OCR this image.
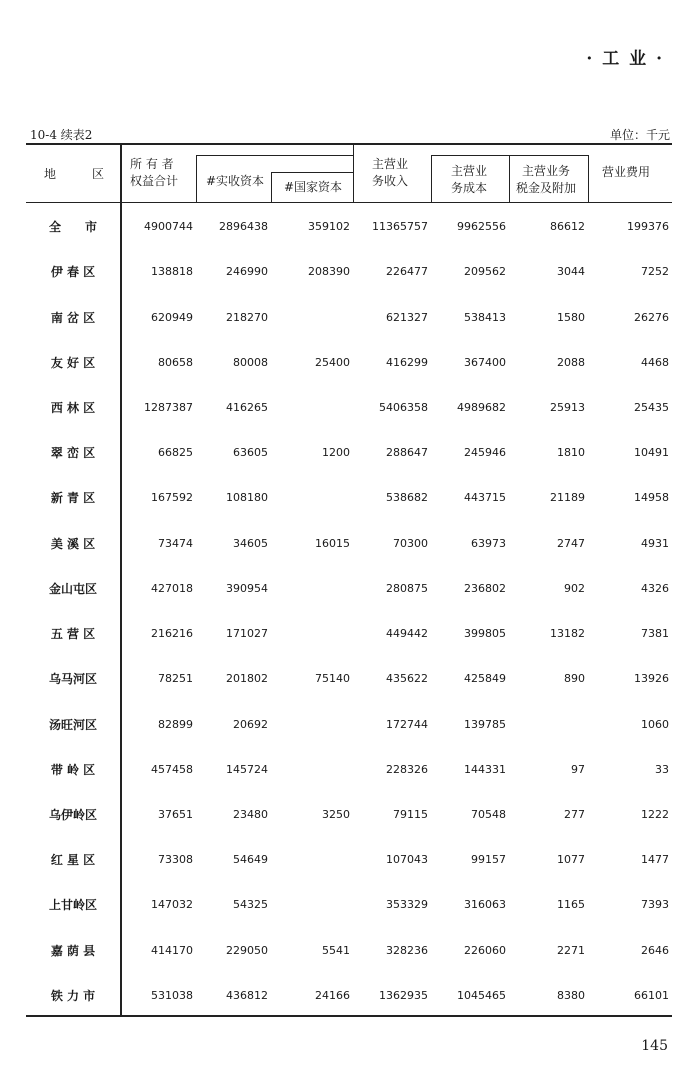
· 工 业 ·
10-4 续表2	单位：千元
地　　　区
所 有 者
权益合计 #实收资本 #国家资本
主营业
务收入
主营业
务成本
主营业务
税金及附加
营业费用
全　　市	4900744	2896438	359102	11365757	9962556	86612	199376
伊 春 区	138818	246990	208390	226477	209562	3044	7252
南 岔 区	620949	218270		621327	538413	1580	26276
友 好 区	80658	80008	25400	416299	367400	2088	4468
西 林 区	1287387	416265		5406358	4989682	25913	25435
翠 峦 区	66825	63605	1200	288647	245946	1810	10491
新 青 区	167592	108180		538682	443715	21189	14958
美 溪 区	73474	34605	16015	70300	63973	2747	4931
金山屯区	427018	390954		280875	236802	902	4326
五 营 区	216216	171027		449442	399805	13182	7381
乌马河区	78251	201802	75140	435622	425849	890	13926
汤旺河区	82899	20692		172744	139785		1060
带 岭 区	457458	145724		228326	144331	97	33
乌伊岭区	37651	23480	3250	79115	70548	277	1222
红 星 区	73308	54649		107043	99157	1077	1477
上甘岭区	147032	54325		353329	316063	1165	7393
嘉 荫 县	414170	229050	5541	328236	226060	2271	2646
铁 力 市	531038	436812	24166	1362935	1045465	8380	66101
145
